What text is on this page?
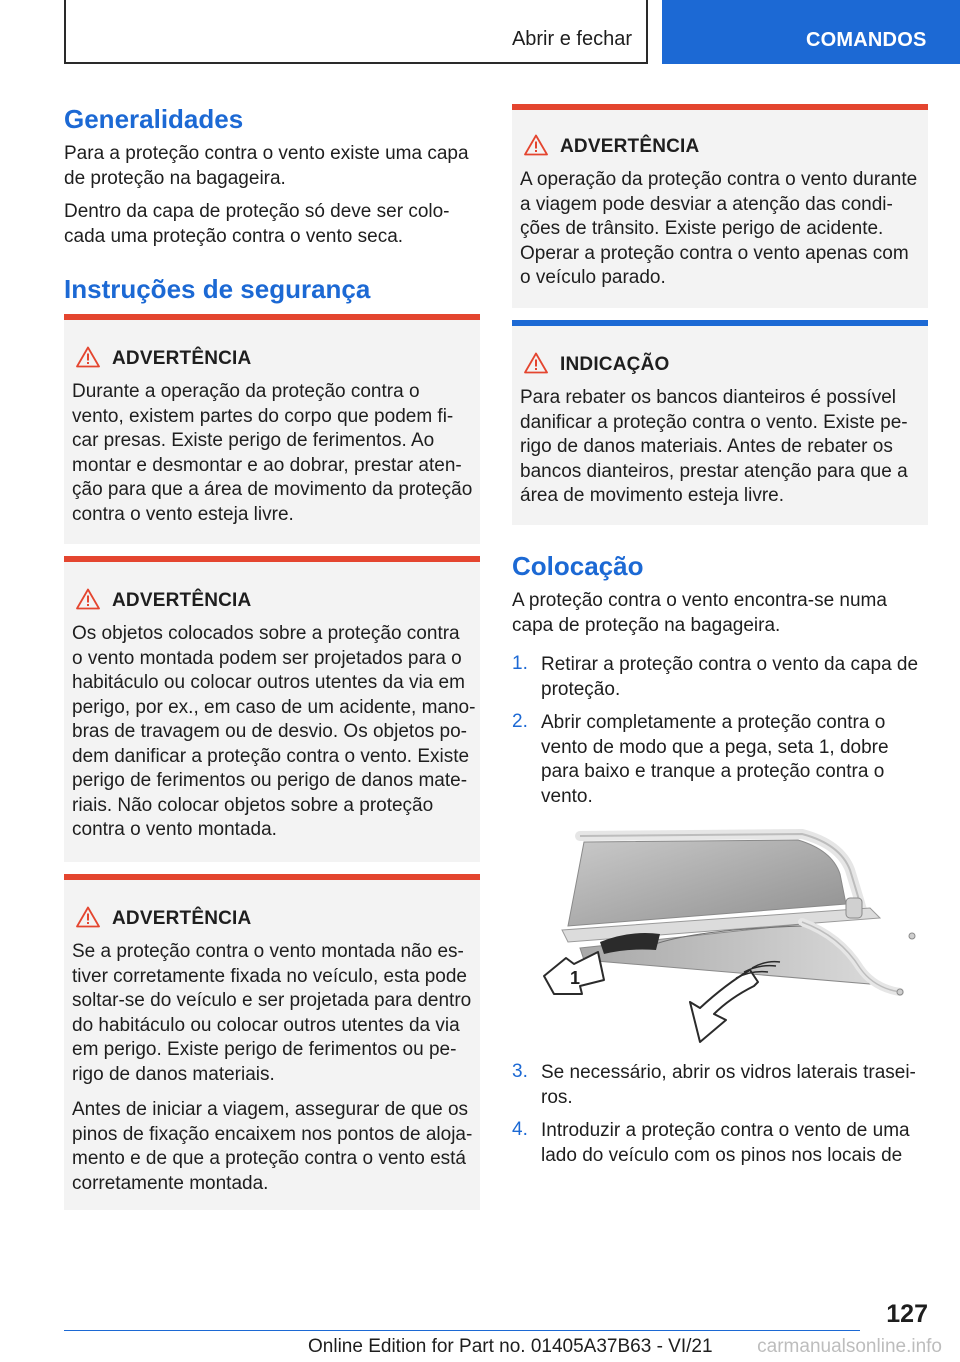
Abrir e fechar	COMANDOS
Generalidades

Para a proteção contra o vento existe uma capa

de proteção na bagageira.

Dentro da capa de proteção só deve ser colo‐

cada uma proteção contra o vento seca.

Instruções de segurança
ADVERTÊNCIA
Durante a operação da proteção contra o
vento, existem partes do corpo que podem fi‐
car presas. Existe perigo de ferimentos. Ao
montar e desmontar e ao dobrar, prestar aten‐
ção para que a área de movimento da proteção
contra o vento esteja livre.
ADVERTÊNCIA
Os objetos colocados sobre a proteção contra
o vento montada podem ser projetados para o
habitáculo ou colocar outros utentes da via em
perigo, por ex., em caso de um acidente, mano‐
bras de travagem ou de desvio. Os objetos po‐
dem danificar a proteção contra o vento. Existe
perigo de ferimentos ou perigo de danos mate‐
riais. Não colocar objetos sobre a proteção
contra o vento montada.
ADVERTÊNCIA
Se a proteção contra o vento montada não es‐
tiver corretamente fixada no veículo, esta pode
soltar-se do veículo e ser projetada para dentro
do habitáculo ou colocar outros utentes da via
em perigo. Existe perigo de ferimentos ou pe‐
rigo de danos materiais.
Antes de iniciar a viagem, assegurar de que os
pinos de fixação encaixem nos pontos de aloja‐
mento e de que a proteção contra o vento está
corretamente montada.
ADVERTÊNCIA
A operação da proteção contra o vento durante
a viagem pode desviar a atenção das condi‐
ções de trânsito. Existe perigo de acidente.
Operar a proteção contra o vento apenas com
o veículo parado.
INDICAÇÃO
Para rebater os bancos dianteiros é possível
danificar a proteção contra o vento. Existe pe‐
rigo de danos materiais. Antes de rebater os
bancos dianteiros, prestar atenção para que a
área de movimento esteja livre.
Colocação

A proteção contra o vento encontra-se numa

capa de proteção na bagageira.

1. Retirar a proteção contra o vento da capa de
proteção.
2. Abrir completamente a proteção contra o
vento de modo que a pega, seta 1, dobre
para baixo e tranque a proteção contra o
vento.
1
3. Se necessário, abrir os vidros laterais trasei‐
ros.
4. Introduzir a proteção contra o vento de uma
lado do veículo com os pinos nos locais de
127
Online Edition for Part no. 01405A37B63 - VI/21 carmanualsonline.info
